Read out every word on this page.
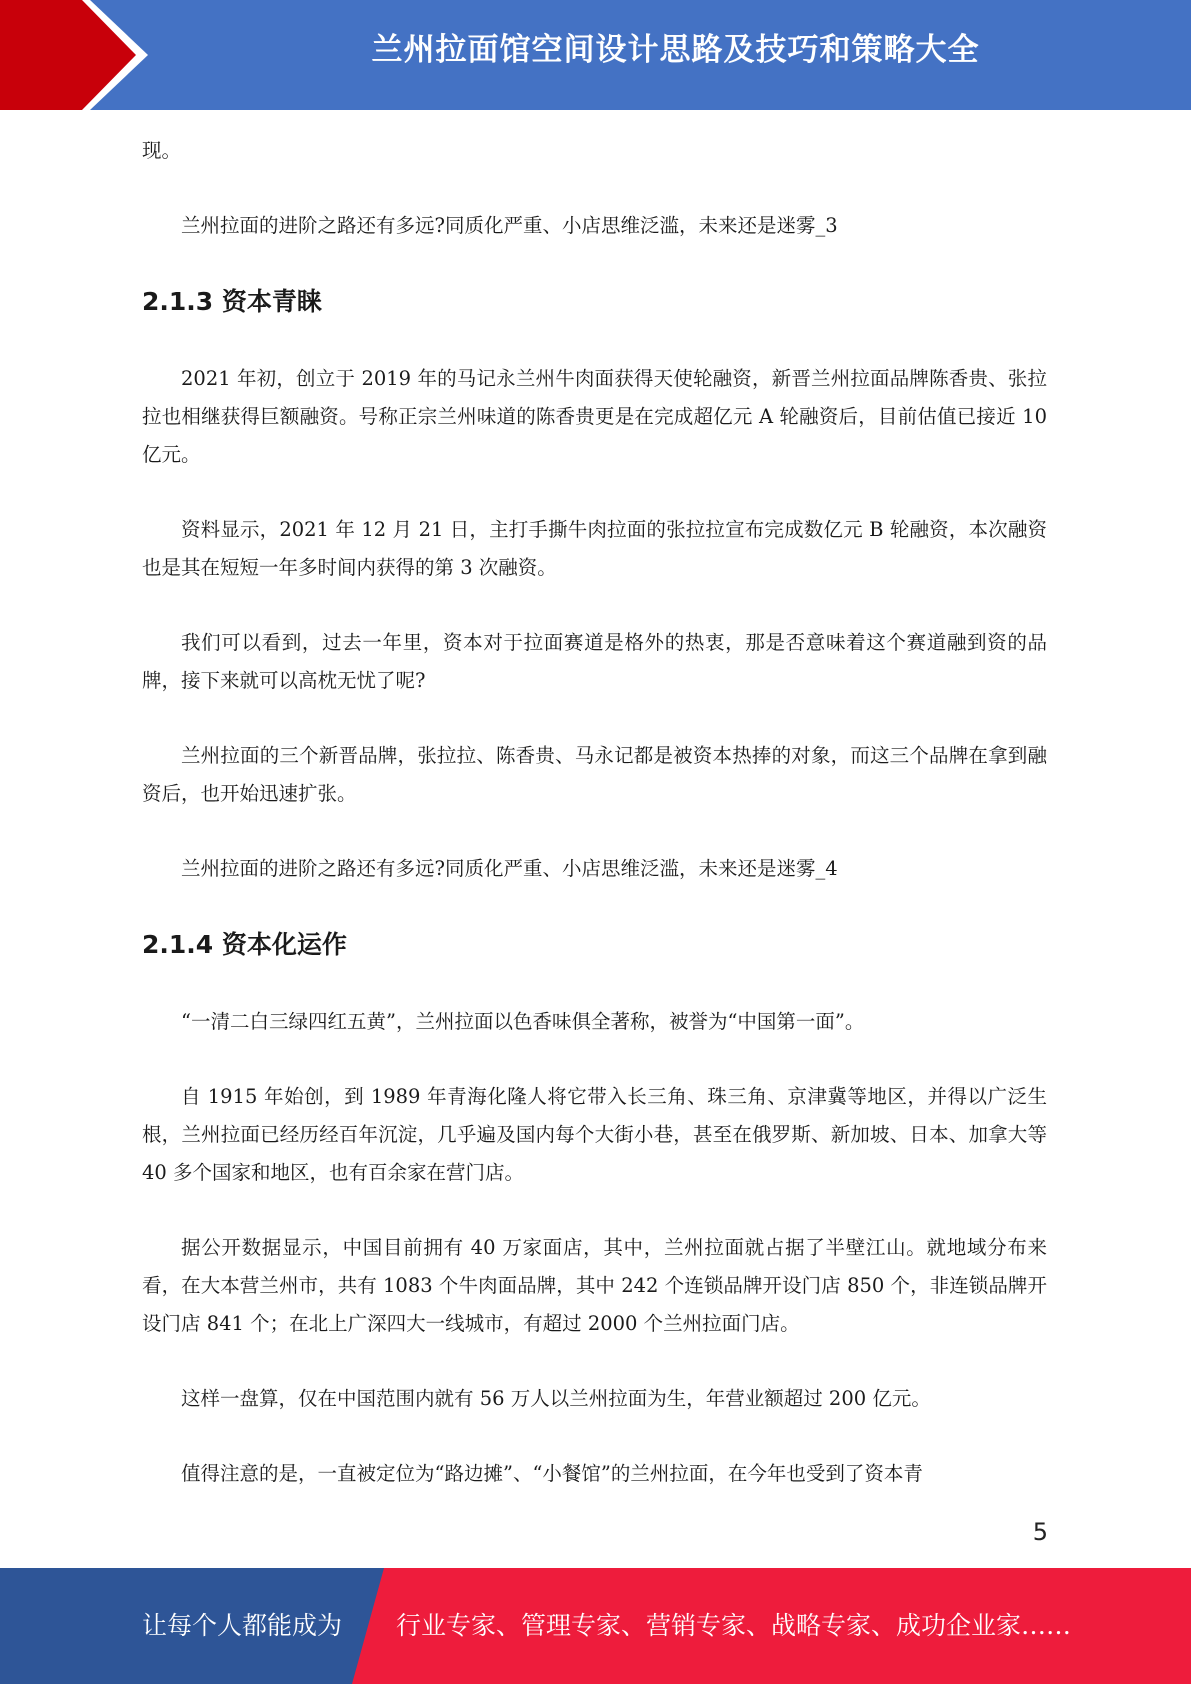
兰州拉面馆空间设计思路及技巧和策略大全

现。

兰州拉面的进阶之路还有多远?同质化严重、小店思维泛滥，未来还是迷雾_3

2.1.3 资本青睐

2021 年初，创立于 2019 年的马记永兰州牛肉面获得天使轮融资，新晋兰州拉面品牌陈香贵、张拉拉也相继获得巨额融资。号称正宗兰州味道的陈香贵更是在完成超亿元 A 轮融资后，目前估值已接近 10 亿元。

资料显示，2021 年 12 月 21 日，主打手撕牛肉拉面的张拉拉宣布完成数亿元 B 轮融资，本次融资也是其在短短一年多时间内获得的第 3 次融资。

我们可以看到，过去一年里，资本对于拉面赛道是格外的热衷，那是否意味着这个赛道融到资的品牌，接下来就可以高枕无忧了呢?

兰州拉面的三个新晋品牌，张拉拉、陈香贵、马永记都是被资本热捧的对象，而这三个品牌在拿到融资后，也开始迅速扩张。

兰州拉面的进阶之路还有多远?同质化严重、小店思维泛滥，未来还是迷雾_4

2.1.4 资本化运作

“一清二白三绿四红五黄”，兰州拉面以色香味俱全著称，被誉为“中国第一面”。

自 1915 年始创，到 1989 年青海化隆人将它带入长三角、珠三角、京津冀等地区，并得以广泛生根，兰州拉面已经历经百年沉淀，几乎遍及国内每个大街小巷，甚至在俄罗斯、新加坡、日本、加拿大等 40 多个国家和地区，也有百余家在营门店。

据公开数据显示，中国目前拥有 40 万家面店，其中，兰州拉面就占据了半壁江山。就地域分布来看，在大本营兰州市，共有 1083 个牛肉面品牌，其中 242 个连锁品牌开设门店 850 个，非连锁品牌开设门店 841 个；在北上广深四大一线城市，有超过 2000 个兰州拉面门店。

这样一盘算，仅在中国范围内就有 56 万人以兰州拉面为生，年营业额超过 200 亿元。

值得注意的是，一直被定位为“路边摊”、“小餐馆”的兰州拉面，在今年也受到了资本青

5
让每个人都能成为 行业专家、管理专家、营销专家、战略专家、成功企业家……
